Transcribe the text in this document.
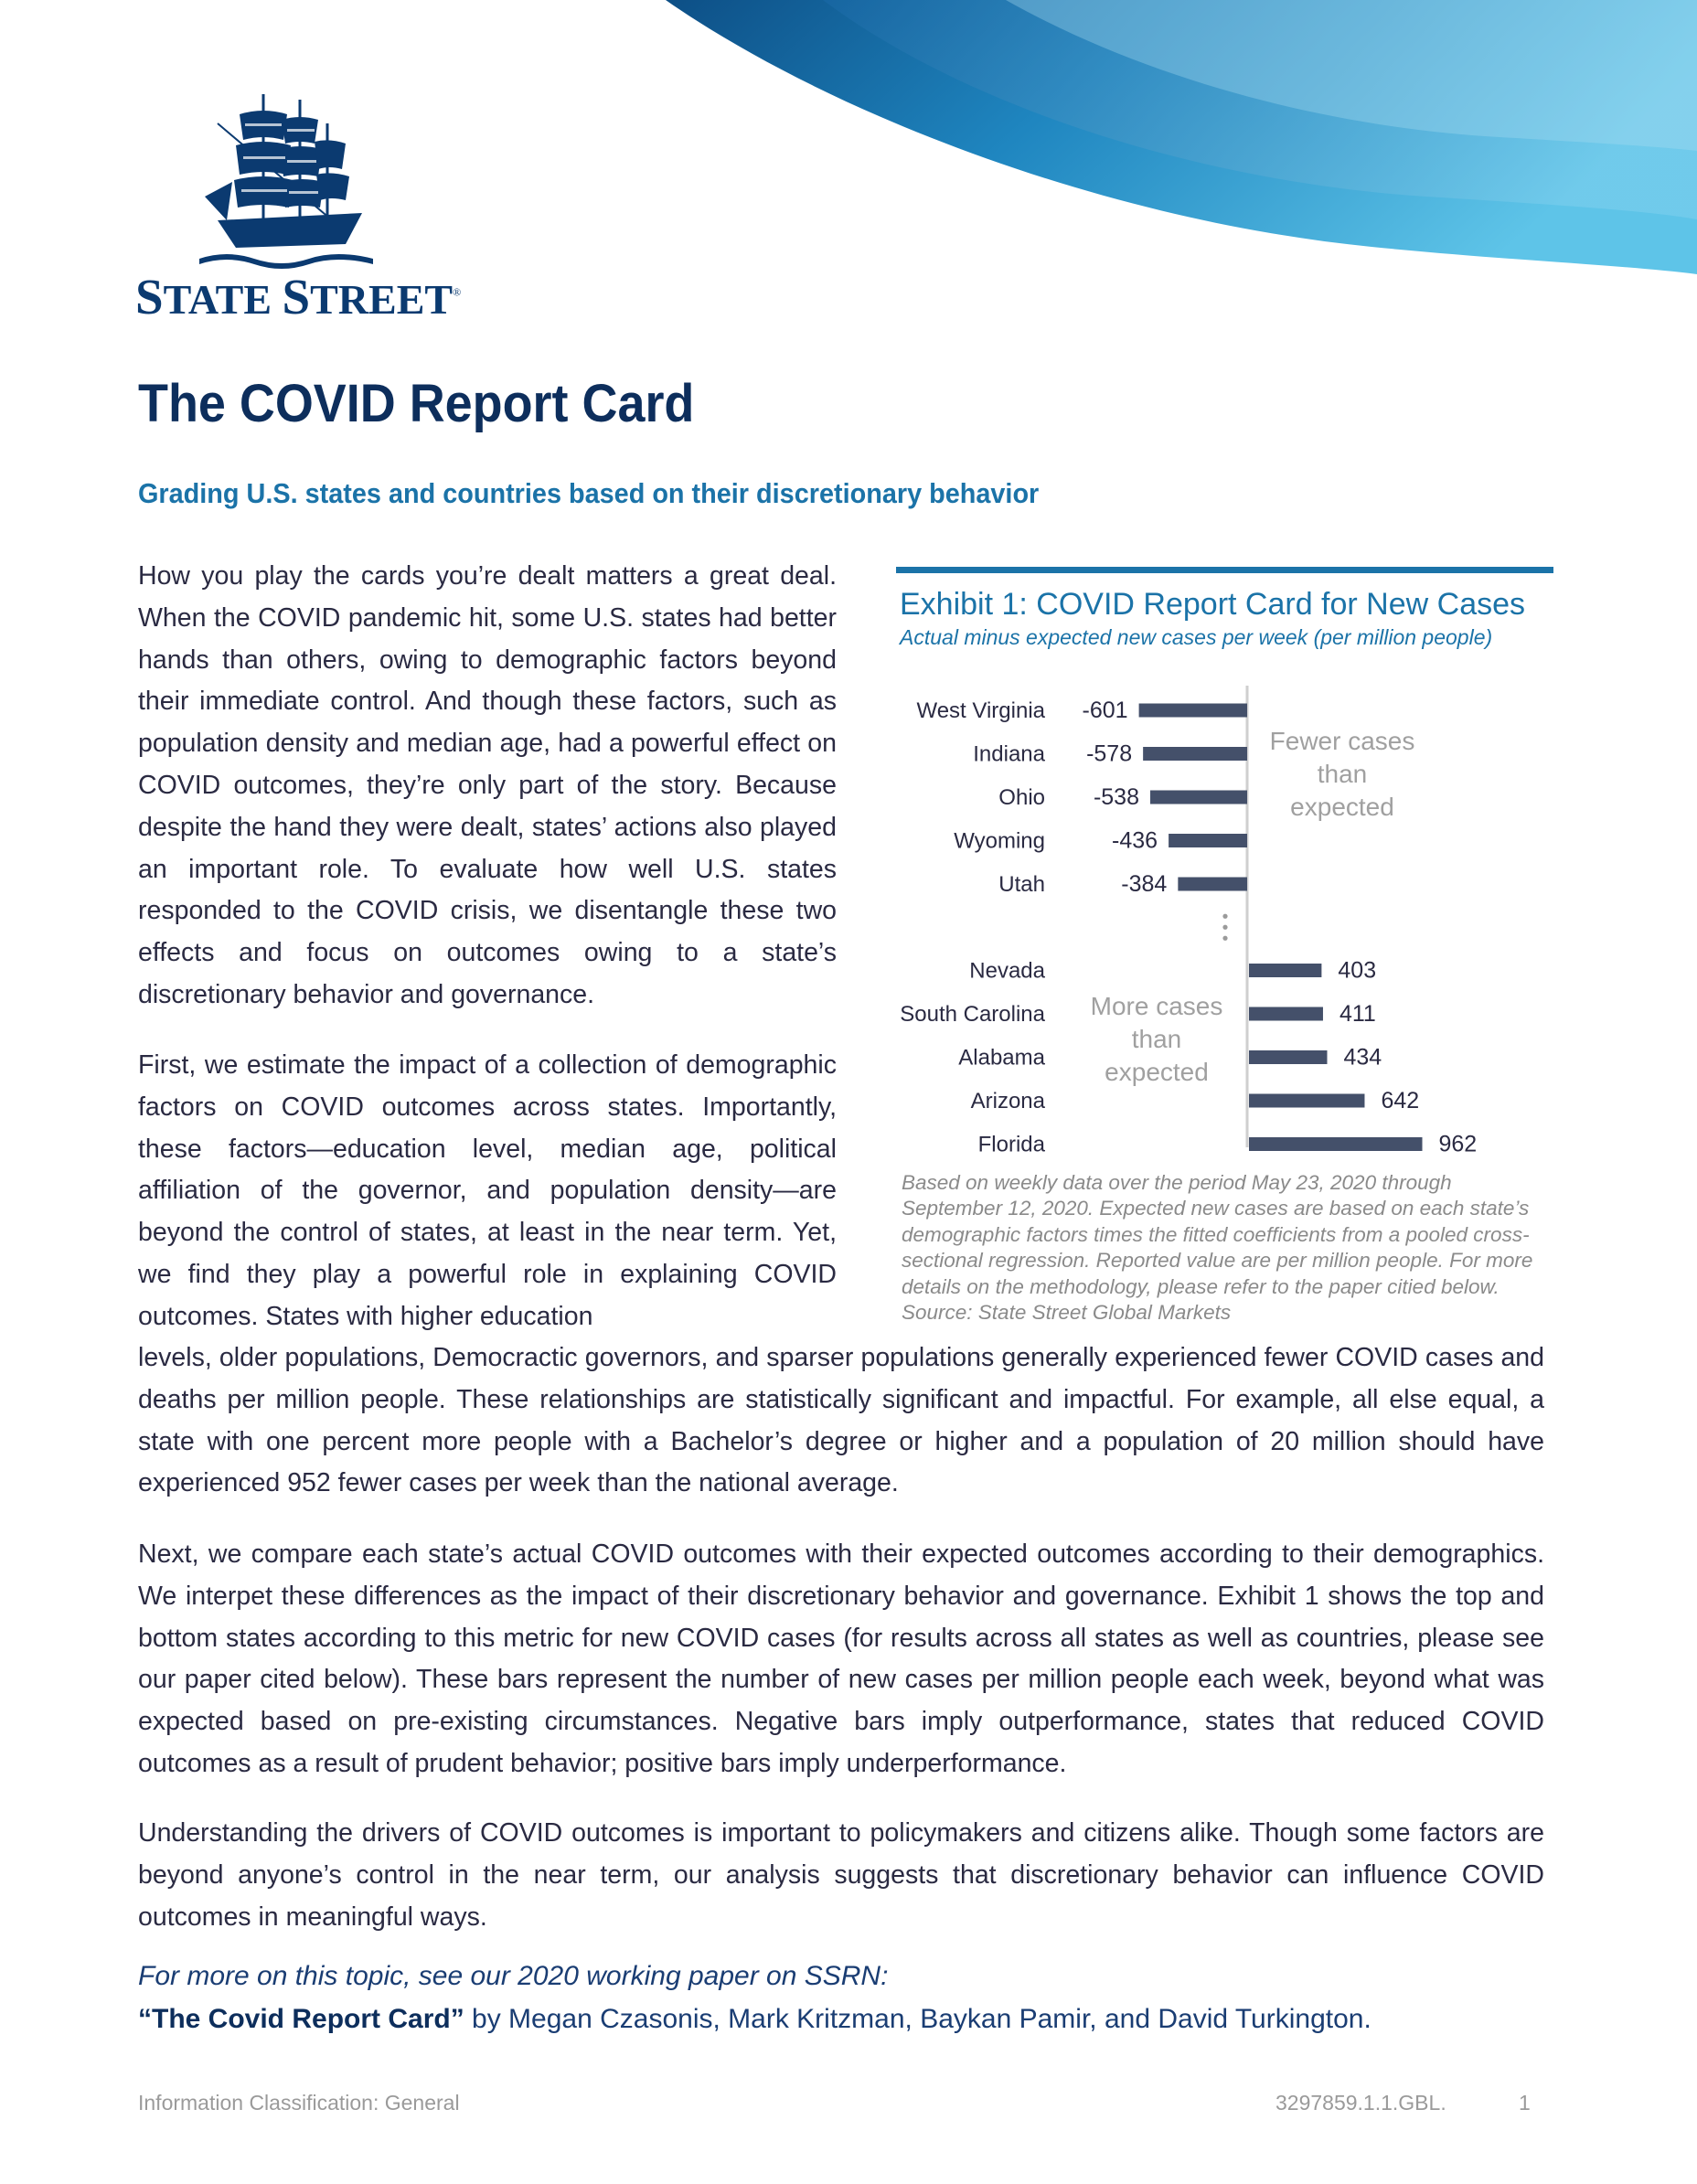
STATE STREET®
The COVID Report Card
Grading U.S. states and countries based on their discretionary behavior

How you play the cards you’re dealt matters a great deal. When the COVID pandemic hit, some U.S. states had better hands than others, owing to demographic factors beyond their immediate control. And though these factors, such as population density and median age, had a powerful effect on COVID outcomes, they’re only part of the story. Because despite the hand they were dealt, states’ actions also played an important role. To evaluate how well U.S. states responded to the COVID crisis, we disentangle these two effects and focus on outcomes owing to a state’s discretionary behavior and governance.

First, we estimate the impact of a collection of demographic factors on COVID outcomes across states. Importantly, these factors—education level, median age, political affiliation of the governor, and population density—are beyond the control of states, at least in the near term. Yet, we find they play a powerful role in explaining COVID outcomes. States with higher education

levels, older populations, Democractic governors, and sparser populations generally experienced fewer COVID cases and deaths per million people. These relationships are statistically significant and impactful. For example, all else equal, a state with one percent more people with a Bachelor’s degree or higher and a population of 20 million should have experienced 952 fewer cases per week than the national average.

Next, we compare each state’s actual COVID outcomes with their expected outcomes according to their demographics. We interpet these differences as the impact of their discretionary behavior and governance. Exhibit 1 shows the top and bottom states according to this metric for new COVID cases (for results across all states as well as countries, please see our paper cited below). These bars represent the number of new cases per million people each week, beyond what was expected based on pre-existing circumstances. Negative bars imply outperformance, states that reduced COVID outcomes as a result of prudent behavior; positive bars imply underperformance.

Understanding the drivers of COVID outcomes is important to policymakers and citizens alike. Though some factors are beyond anyone’s control in the near term, our analysis suggests that discretionary behavior can influence COVID outcomes in meaningful ways.

Exhibit 1: COVID Report Card for New Cases

Actual minus expected new cases per week (per million people)

West Virginia -601
Indiana -578
Ohio -538
Wyoming	-436
Utah	-384
Nevada	403
South Carolina	411
Alabama	434
Arizona	642
Florida	962
Fewer cases
than
expected
More cases
than
expected

Based on weekly data over the period May 23, 2020 through September 12, 2020. Expected new cases are based on each state’s demographic factors times the fitted coefficients from a pooled cross-sectional regression. Reported value are per million people. For more details on the methodology, please refer to the paper citied below. Source: State Street Global Markets

For more on this topic, see our 2020 working paper on SSRN:

“The Covid Report Card” by Megan Czasonis, Mark Kritzman, Baykan Pamir, and David Turkington.

Information Classification: General	3297859.1.1.GBL.	1
